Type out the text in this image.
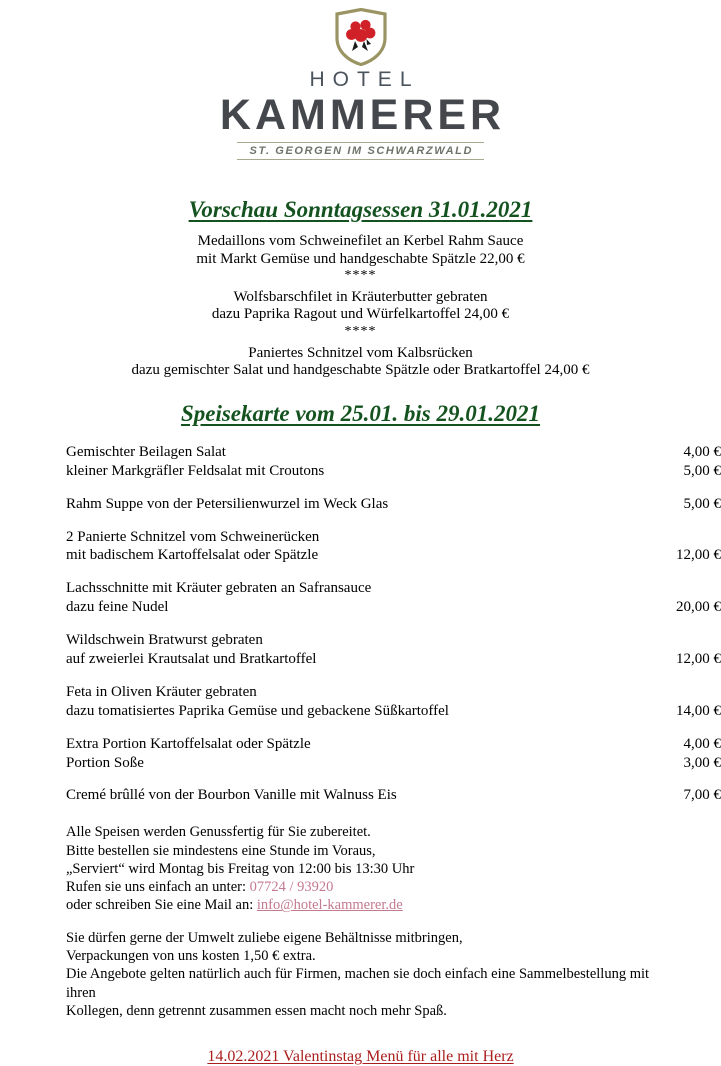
HOTEL
KAMMERER
ST. GEORGEN IM SCHWARZWALD
Vorschau Sonntagsessen 31.01.2021
Medaillons vom Schweinefilet an Kerbel Rahm Sauce
mit Markt Gemüse und handgeschabte Spätzle 22,00 €
****
Wolfsbarschfilet in Kräuterbutter gebraten
dazu Paprika Ragout und Würfelkartoffel 24,00 €
****
Paniertes Schnitzel vom Kalbsrücken
dazu gemischter Salat und handgeschabte Spätzle oder Bratkartoffel 24,00 €
Speisekarte vom 25.01. bis 29.01.2021
Gemischter Beilagen Salat	4,00 €
kleiner Markgräfler Feldsalat mit Croutons	5,00 €
Rahm Suppe von der Petersilienwurzel im Weck Glas	5,00 €
2 Panierte Schnitzel vom Schweinerücken
mit badischem Kartoffelsalat oder Spätzle	12,00 €
Lachsschnitte mit Kräuter gebraten an Safransauce
dazu feine Nudel	20,00 €
Wildschwein Bratwurst gebraten
auf zweierlei Krautsalat und Bratkartoffel	12,00 €
Feta in Oliven Kräuter gebraten
dazu tomatisiertes Paprika Gemüse und gebackene Süßkartoffel	14,00 €
Extra Portion Kartoffelsalat oder Spätzle	4,00 €
Portion Soße	3,00 €
Cremé brûllé von der Bourbon Vanille mit Walnuss Eis	7,00 €
Alle Speisen werden Genussfertig für Sie zubereitet.
Bitte bestellen sie mindestens eine Stunde im Voraus,
„Serviert“ wird Montag bis Freitag von 12:00 bis 13:30 Uhr
Rufen sie uns einfach an unter: 07724 / 93920
oder schreiben Sie eine Mail an: info@hotel-kammerer.de
Sie dürfen gerne der Umwelt zuliebe eigene Behältnisse mitbringen,
Verpackungen von uns kosten 1,50 € extra.
Die Angebote gelten natürlich auch für Firmen, machen sie doch einfach eine Sammelbestellung mit ihren
Kollegen, denn getrennt zusammen essen macht noch mehr Spaß.
14.02.2021 Valentinstag Menü für alle mit Herz
